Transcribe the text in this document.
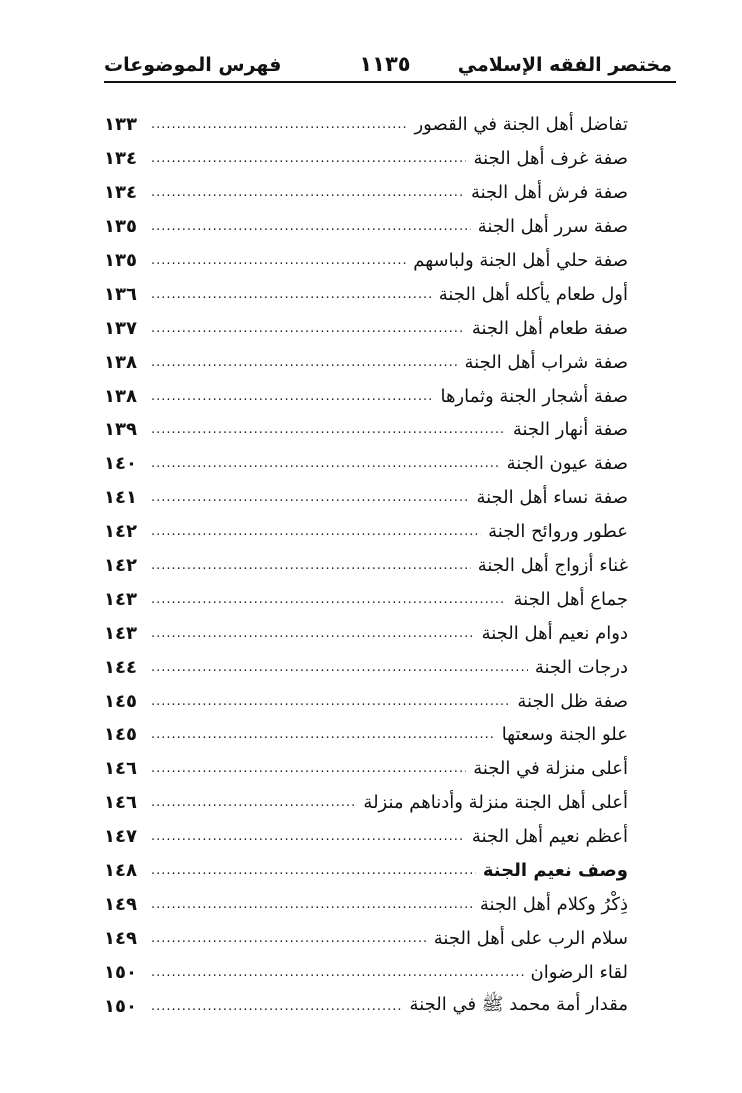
مختصر الفقه الإسلامي
١١٣٥
فهرس الموضوعات
تفاضل أهل الجنة في القصور
.....
١٣٣
صفة غرف أهل الجنة
.....
١٣٤
صفة فرش أهل الجنة
.....
١٣٤
صفة سرر أهل الجنة
.....
١٣٥
صفة حلي أهل الجنة ولباسهم
.....
١٣٥
أول طعام يأكله أهل الجنة
.....
١٣٦
صفة طعام أهل الجنة
.....
١٣٧
صفة شراب أهل الجنة
.....
١٣٨
صفة أشجار الجنة وثمارها
.....
١٣٨
صفة أنهار الجنة
.....
١٣٩
صفة عيون الجنة
.....
١٤٠
صفة نساء أهل الجنة
.....
١٤١
عطور وروائح الجنة
.....
١٤٢
غناء أزواج أهل الجنة
.....
١٤٢
جماع أهل الجنة
.....
١٤٣
دوام نعيم أهل الجنة
.....
١٤٣
درجات الجنة
.....
١٤٤
صفة ظل الجنة
.....
١٤٥
علو الجنة وسعتها
.....
١٤٥
أعلى منزلة في الجنة
.....
١٤٦
أعلى أهل الجنة منزلة وأدناهم منزلة
.....
١٤٦
أعظم نعيم أهل الجنة
.....
١٤٧
وصف نعيم الجنة
.....
١٤٨
ذِكْرُ وكلام أهل الجنة
.....
١٤٩
سلام الرب على أهل الجنة
.....
١٤٩
لقاء الرضوان
.....
١٥٠
مقدار أمة محمد ﷺ في الجنة
.....
١٥٠
